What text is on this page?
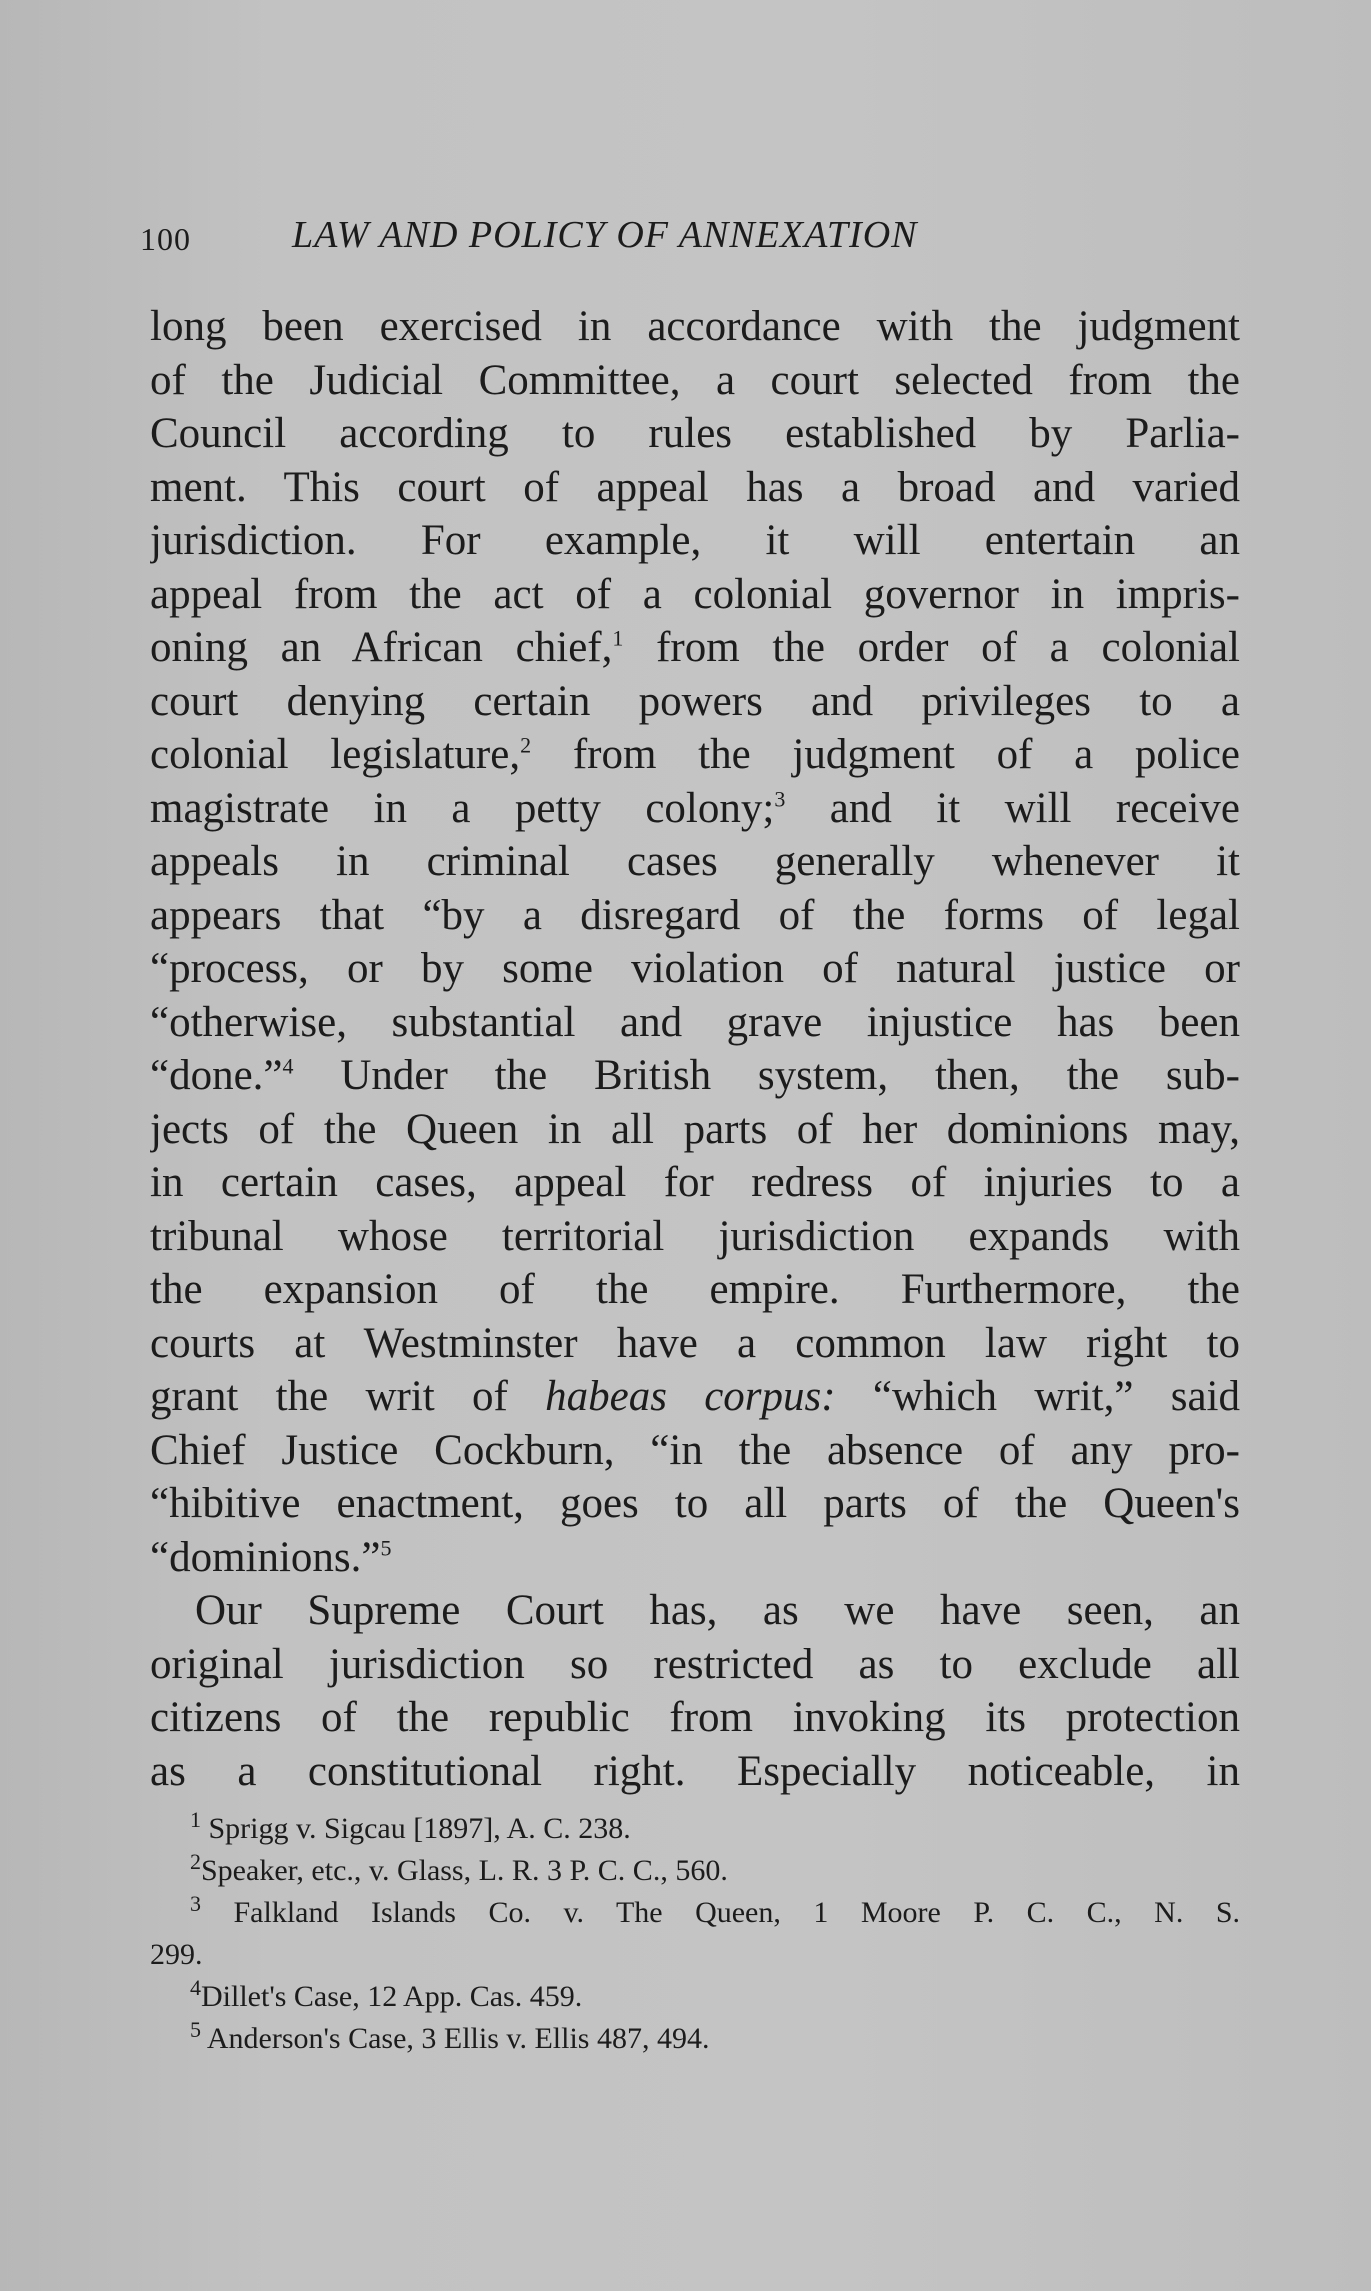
100	LAW AND POLICY OF ANNEXATION
long been exercised in accordance with the judgment
of the Judicial Committee, a court selected from the
Council according to rules established by Parlia-
ment. This court of appeal has a broad and varied
jurisdiction. For example, it will entertain an
appeal from the act of a colonial governor in impris-
oning an African chief,$^1$ from the order of a colonial
court denying certain powers and privileges to a
colonial legislature,$^2$ from the judgment of a police
magistrate in a petty colony;$^3$ and it will receive
appeals in criminal cases generally whenever it
appears that “by a disregard of the forms of legal
“process, or by some violation of natural justice or
“otherwise, substantial and grave injustice has been
“done.”$^4$ Under the British system, then, the sub-
jects of the Queen in all parts of her dominions may,
in certain cases, appeal for redress of injuries to a
tribunal whose territorial jurisdiction expands with
the expansion of the empire. Furthermore, the
courts at Westminster have a common law right to
grant the writ of habeas corpus: “which writ,” said
Chief Justice Cockburn, “in the absence of any pro-
“hibitive enactment, goes to all parts of the Queen's
“dominions.”$^5$
Our Supreme Court has, as we have seen, an
original jurisdiction so restricted as to exclude all
citizens of the republic from invoking its protection
as a constitutional right. Especially noticeable, in
$^1$ Sprigg v. Sigcau [1897], A. C. 238.
$^2$Speaker, etc., v. Glass, L. R. 3 P. C. C., 560.
$^3$ Falkland Islands Co. v. The Queen, 1 Moore P. C. C., N. S.
299.
$^4$Dillet's Case, 12 App. Cas. 459.
$^5$ Anderson's Case, 3 Ellis v. Ellis 487, 494.
